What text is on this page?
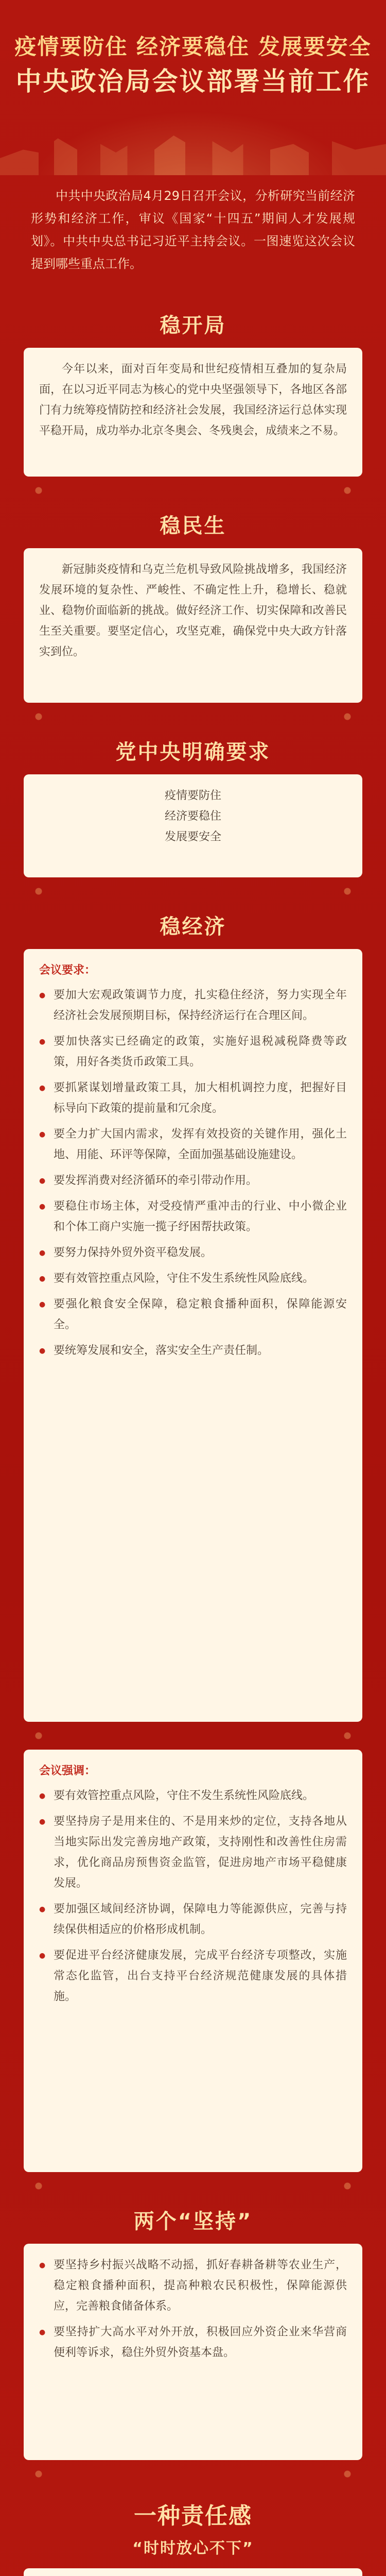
疫情要防住 经济要稳住 发展要安全
中央政治局会议部署当前工作
中共中央政治局4月29日召开会议，分析研究当前经济形势和经济工作，审议《国家“十四五”期间人才发展规划》。中共中央总书记习近平主持会议。一图速览这次会议提到哪些重点工作。
稳开局

今年以来，面对百年变局和世纪疫情相互叠加的复杂局面，在以习近平同志为核心的党中央坚强领导下，各地区各部门有力统筹疫情防控和经济社会发展，我国经济运行总体实现平稳开局，成功举办北京冬奥会、冬残奥会，成绩来之不易。

稳民生

新冠肺炎疫情和乌克兰危机导致风险挑战增多，我国经济发展环境的复杂性、严峻性、不确定性上升，稳增长、稳就业、稳物价面临新的挑战。做好经济工作、切实保障和改善民生至关重要。要坚定信心，攻坚克难，确保党中央大政方针落实到位。

党中央明确要求
疫情要防住
经济要稳住
发展要安全
稳经济
会议要求：
● 要加大宏观政策调节力度，扎实稳住经济，努力实现全年经济社会发展预期目标，保持经济运行在合理区间。
● 要加快落实已经确定的政策，实施好退税减税降费等政策，用好各类货币政策工具。
● 要抓紧谋划增量政策工具，加大相机调控力度，把握好目标导向下政策的提前量和冗余度。
● 要全力扩大国内需求，发挥有效投资的关键作用，强化土地、用能、环评等保障，全面加强基础设施建设。
● 要发挥消费对经济循环的牵引带动作用。
● 要稳住市场主体，对受疫情严重冲击的行业、中小微企业和个体工商户实施一揽子纾困帮扶政策。
● 要努力保持外贸外资平稳发展。
● 要有效管控重点风险，守住不发生系统性风险底线。
● 要强化粮食安全保障，稳定粮食播种面积，保障能源安全。
● 要统筹发展和安全，落实安全生产责任制。
会议强调：
● 要有效管控重点风险，守住不发生系统性风险底线。
● 要坚持房子是用来住的、不是用来炒的定位，支持各地从当地实际出发完善房地产政策，支持刚性和改善性住房需求，优化商品房预售资金监管，促进房地产市场平稳健康发展。
● 要加强区域间经济协调，保障电力等能源供应，完善与持续保供相适应的价格形成机制。
● 要促进平台经济健康发展，完成平台经济专项整改，实施常态化监管，出台支持平台经济规范健康发展的具体措施。
两个“坚持”
● 要坚持乡村振兴战略不动摇，抓好春耕备耕等农业生产，稳定粮食播种面积，提高种粮农民积极性，保障能源供应，完善粮食储备体系。
● 要坚持扩大高水平对外开放，积极回应外资企业来华营商便利等诉求，稳住外贸外资基本盘。
一种责任感
“时时放心不下”
